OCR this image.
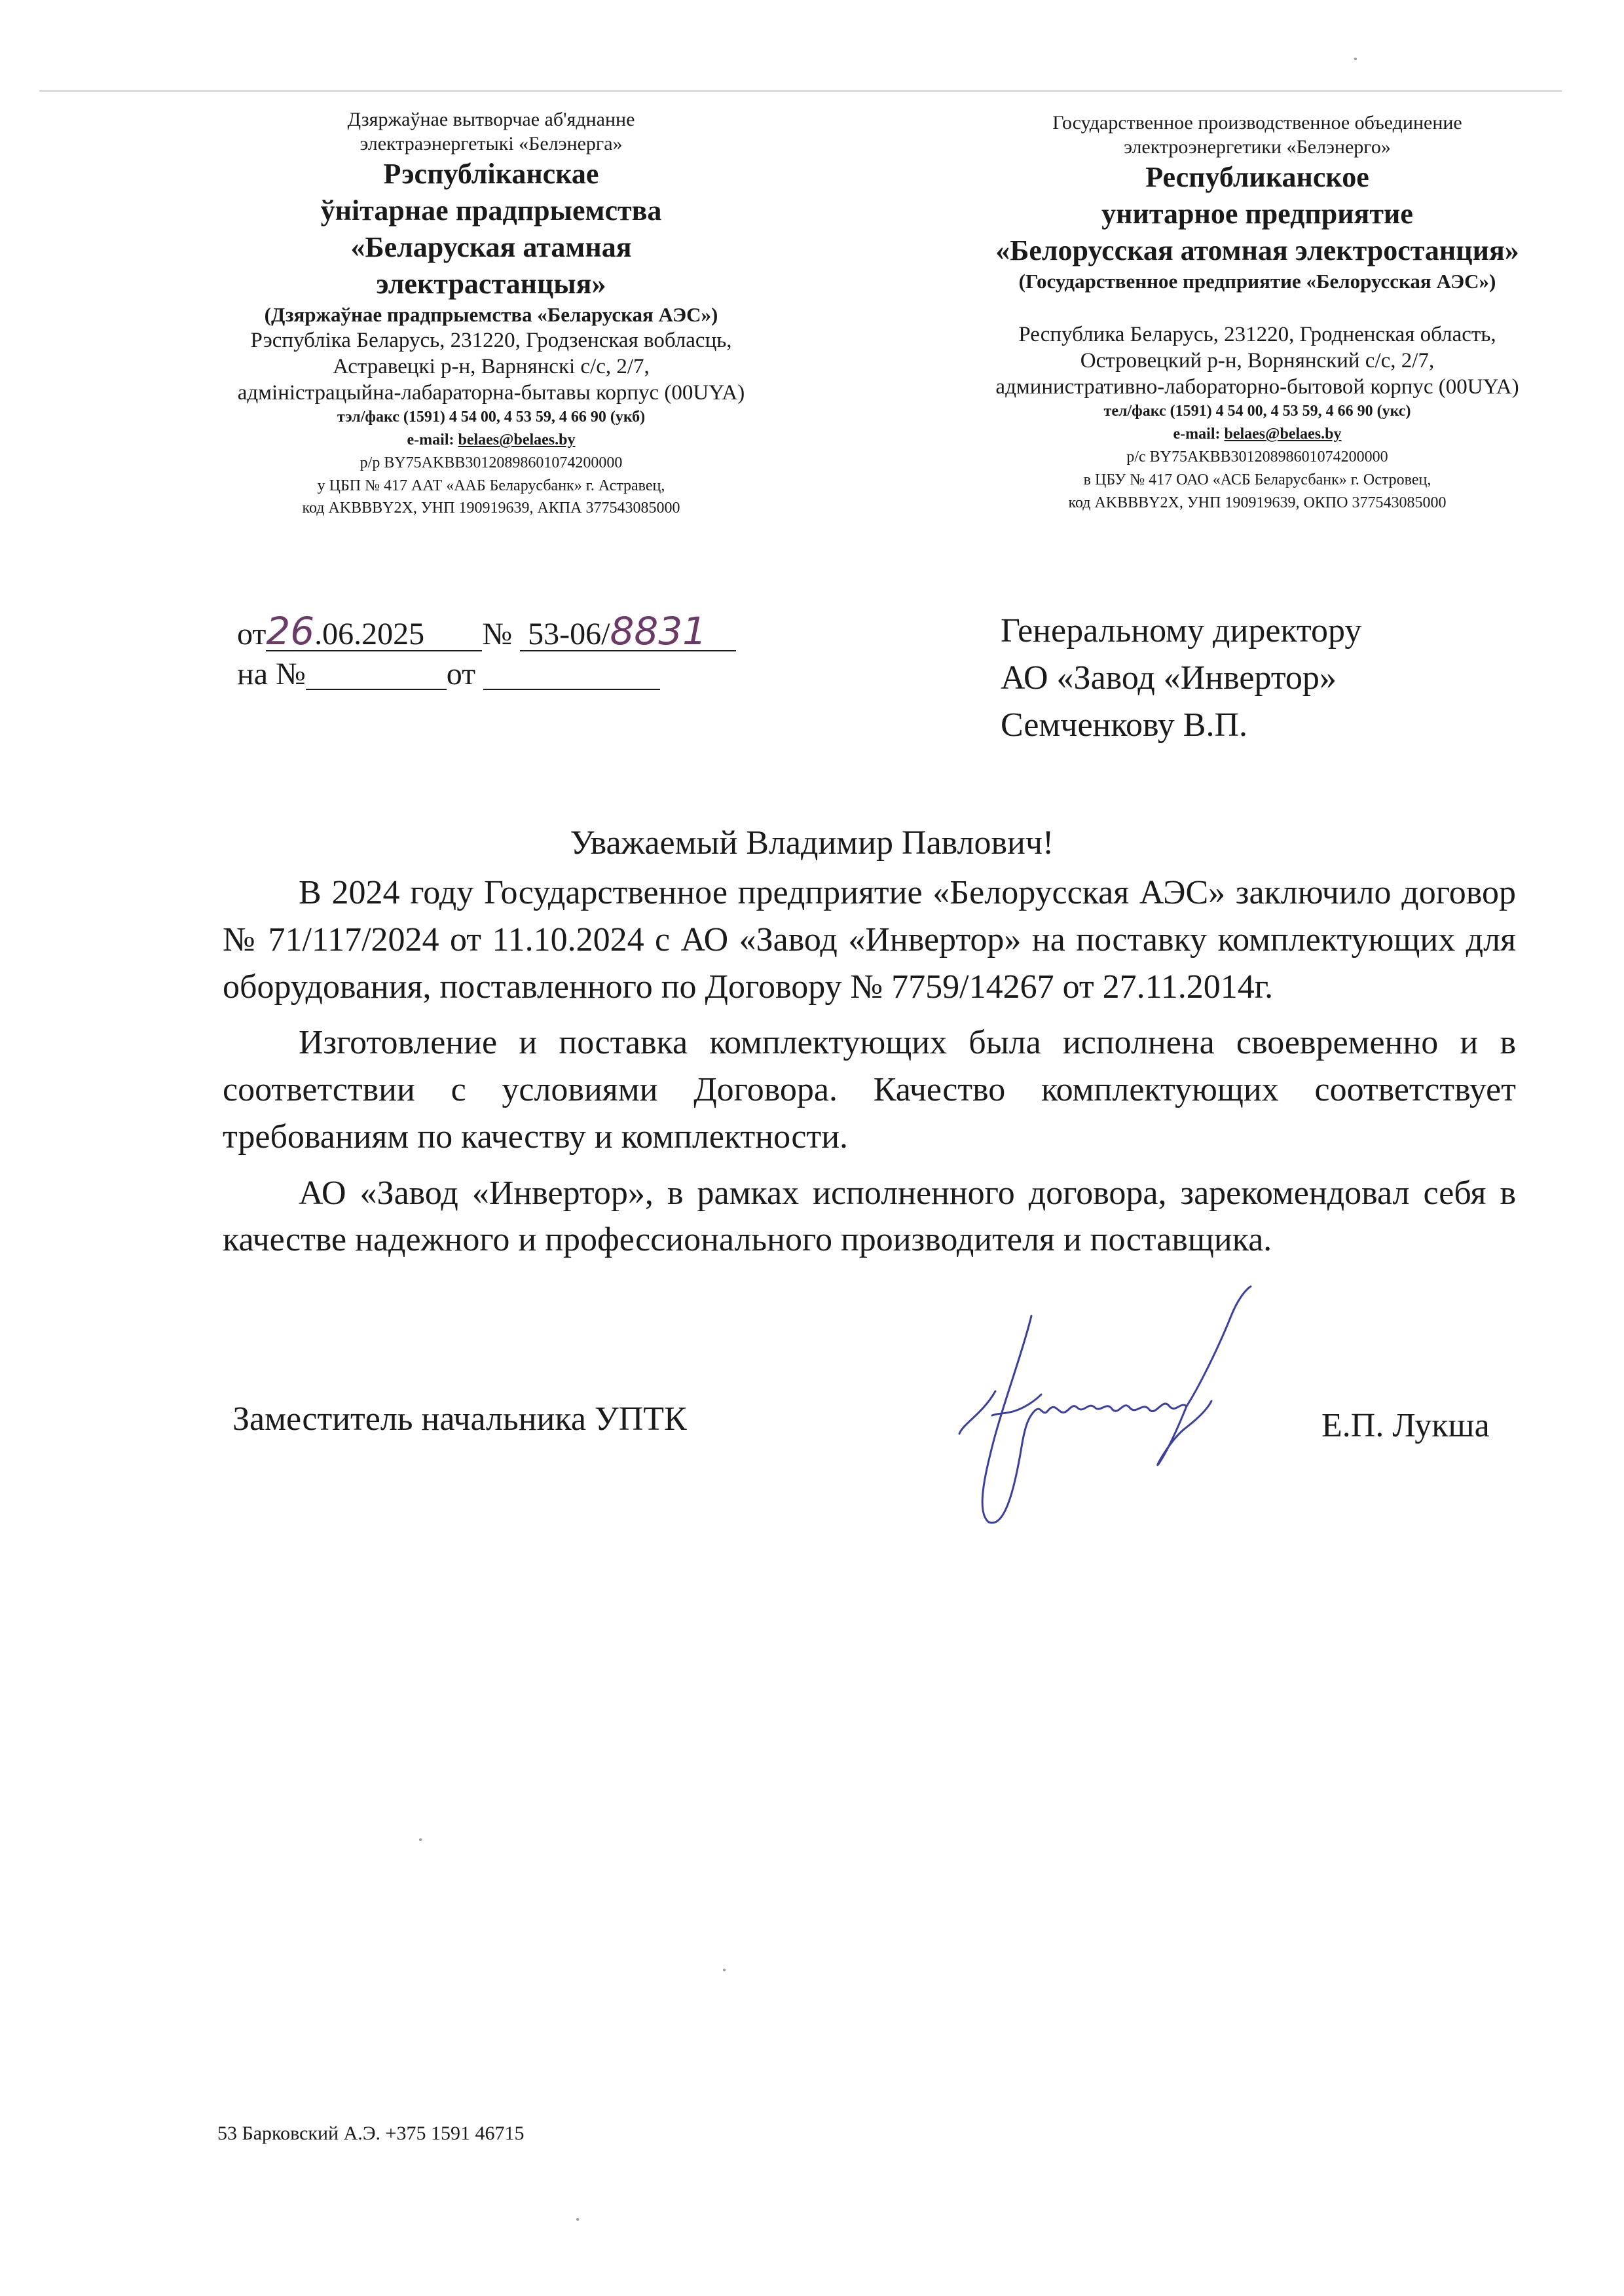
Дзяржаўнае вытворчае аб'яднанне
электраэнергетыкі «Белэнерга»
Рэспубліканскае
ўнітарнае прадпрыемства
«Беларуская атамная
электрастанцыя»
(Дзяржаўнае прадпрыемства «Беларуская АЭС»)
Рэспубліка Беларусь, 231220, Гродзенская вобласць,
Астравецкі р-н, Варнянскі с/с, 2/7,
адміністрацыйна-лабараторна-бытавы корпус (00UYA)
тэл/факс (1591) 4 54 00, 4 53 59, 4 66 90 (укб)
e-mail: belaes@belaes.by
р/р BY75AKBB30120898601074200000
у ЦБП № 417 ААТ «ААБ Беларусбанк» г. Астравец,
код AKBBBY2X, УНП 190919639, АКПА 377543085000
Государственное производственное объединение
электроэнергетики «Белэнерго»
Республиканское
унитарное предприятие
«Белорусская атомная электростанция»
(Государственное предприятие «Белорусская АЭС»)
Республика Беларусь, 231220, Гродненская область,
Островецкий р-н, Ворнянский с/с, 2/7,
административно-лабораторно-бытовой корпус (00UYA)
тел/факс (1591) 4 54 00, 4 53 59, 4 66 90 (укс)
e-mail: belaes@belaes.by
р/с BY75AKBB30120898601074200000
в ЦБУ № 417 ОАО «АСБ Беларусбанк» г. Островец,
код AKBBBY2X, УНП 190919639, ОКПО 377543085000
от26.06.2025 № 53-06/8831
на №	от
Генеральному директору
АО «Завод «Инвертор»
Семченкову В.П.
Уважаемый Владимир Павлович!

В 2024 году Государственное предприятие «Белорусская АЭС» заключило договор № 71/117/2024 от 11.10.2024 с АО «Завод «Инвертор» на поставку комплектующих для оборудования, поставленного по Договору № 7759/14267 от 27.11.2014г.

Изготовление и поставка комплектующих была исполнена своевременно и в соответствии с условиями Договора. Качество комплектующих соответствует требованиям по качеству и комплектности.

АО «Завод «Инвертор», в рамках исполненного договора, зарекомендовал себя в качестве надежного и профессионального производителя и поставщика.

Заместитель начальника УПТК	Е.П. Лукша
53 Барковский А.Э. +375 1591 46715
